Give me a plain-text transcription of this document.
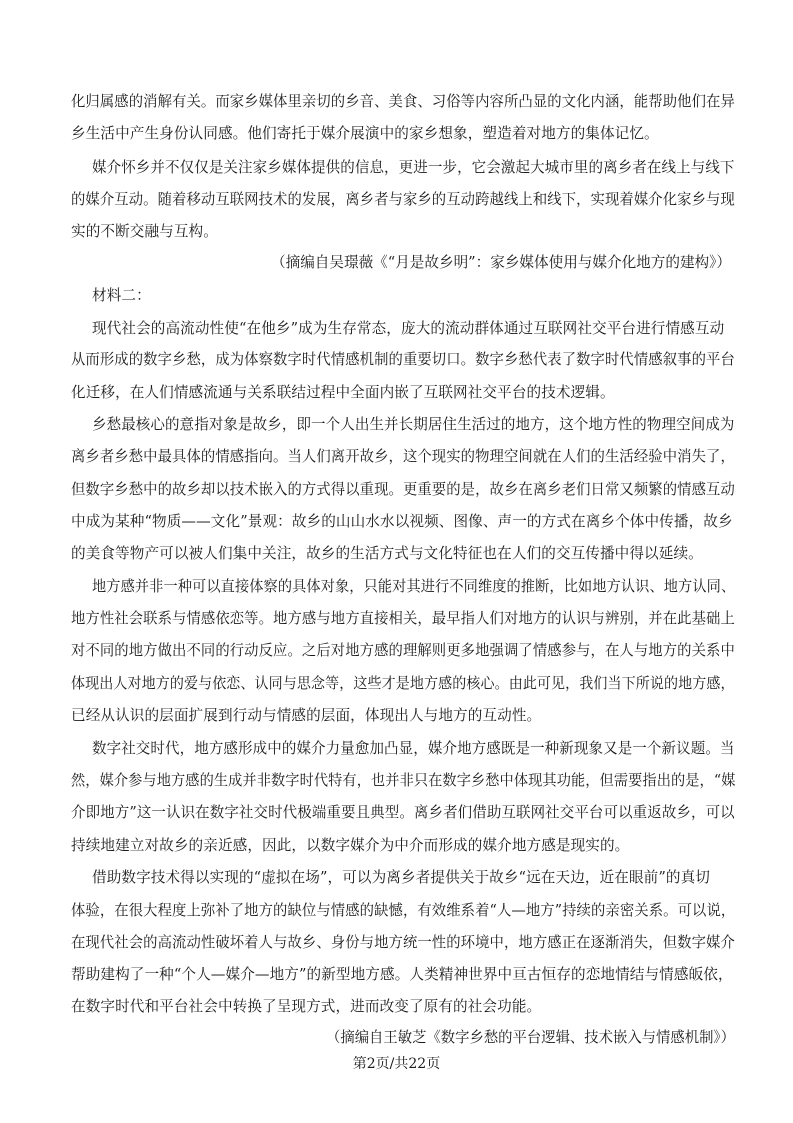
化归属感的消解有关。而家乡媒体里亲切的乡音、美食、习俗等内容所凸显的文化内涵，能帮助他们在异
乡生活中产生身份认同感。他们寄托于媒介展演中的家乡想象，塑造着对地方的集体记忆。
媒介怀乡并不仅仅是关注家乡媒体提供的信息，更进一步，它会激起大城市里的离乡者在线上与线下
的媒介互动。随着移动互联网技术的发展，离乡者与家乡的互动跨越线上和线下，实现着媒介化家乡与现
实的不断交融与互构。
（摘编自吴璟薇《“月是故乡明”：家乡媒体使用与媒介化地方的建构》）
材料二：
现代社会的高流动性使“在他乡”成为生存常态，庞大的流动群体通过互联网社交平台进行情感互动
从而形成的数字乡愁，成为体察数字时代情感机制的重要切口。数字乡愁代表了数字时代情感叙事的平台
化迁移，在人们情感流通与关系联结过程中全面内嵌了互联网社交平台的技术逻辑。
乡愁最核心的意指对象是故乡，即一个人出生并长期居住生活过的地方，这个地方性的物理空间成为
离乡者乡愁中最具体的情感指向。当人们离开故乡，这个现实的物理空间就在人们的生活经验中消失了，
但数字乡愁中的故乡却以技术嵌入的方式得以重现。更重要的是，故乡在离乡老们日常又频繁的情感互动
中成为某种“物质——文化”景观：故乡的山山水水以视频、图像、声一的方式在离乡个体中传播，故乡
的美食等物产可以被人们集中关注，故乡的生活方式与文化特征也在人们的交互传播中得以延续。
地方感并非一种可以直接体察的具体对象，只能对其进行不同维度的推断，比如地方认识、地方认同、
地方性社会联系与情感依恋等。地方感与地方直接相关，最早指人们对地方的认识与辨别，并在此基础上
对不同的地方做出不同的行动反应。之后对地方感的理解则更多地强调了情感参与，在人与地方的关系中
体现出人对地方的爱与依恋、认同与思念等，这些才是地方感的核心。由此可见，我们当下所说的地方感，
已经从认识的层面扩展到行动与情感的层面，体现出人与地方的互动性。
数字社交时代，地方感形成中的媒介力量愈加凸显，媒介地方感既是一种新现象又是一个新议题。当
然，媒介参与地方感的生成并非数字时代特有，也并非只在数字乡愁中体现其功能，但需要指出的是，“媒
介即地方”这一认识在数字社交时代极端重要且典型。离乡者们借助互联网社交平台可以重返故乡，可以
持续地建立对故乡的亲近感，因此，以数字媒介为中介而形成的媒介地方感是现实的。
借助数字技术得以实现的“虚拟在场”，可以为离乡者提供关于故乡“远在天边，近在眼前”的真切
体验，在很大程度上弥补了地方的缺位与情感的缺憾，有效维系着“人—地方”持续的亲密关系。可以说，
在现代社会的高流动性破坏着人与故乡、身份与地方统一性的环境中，地方感正在逐渐消失，但数字媒介
帮助建构了一种“个人—媒介—地方”的新型地方感。人类精神世界中亘古恒存的恋地情结与情感皈依，
在数字时代和平台社会中转换了呈现方式，进而改变了原有的社会功能。
（摘编自王敏芝《数字乡愁的平台逻辑、技术嵌入与情感机制》）
第2页/共22页
